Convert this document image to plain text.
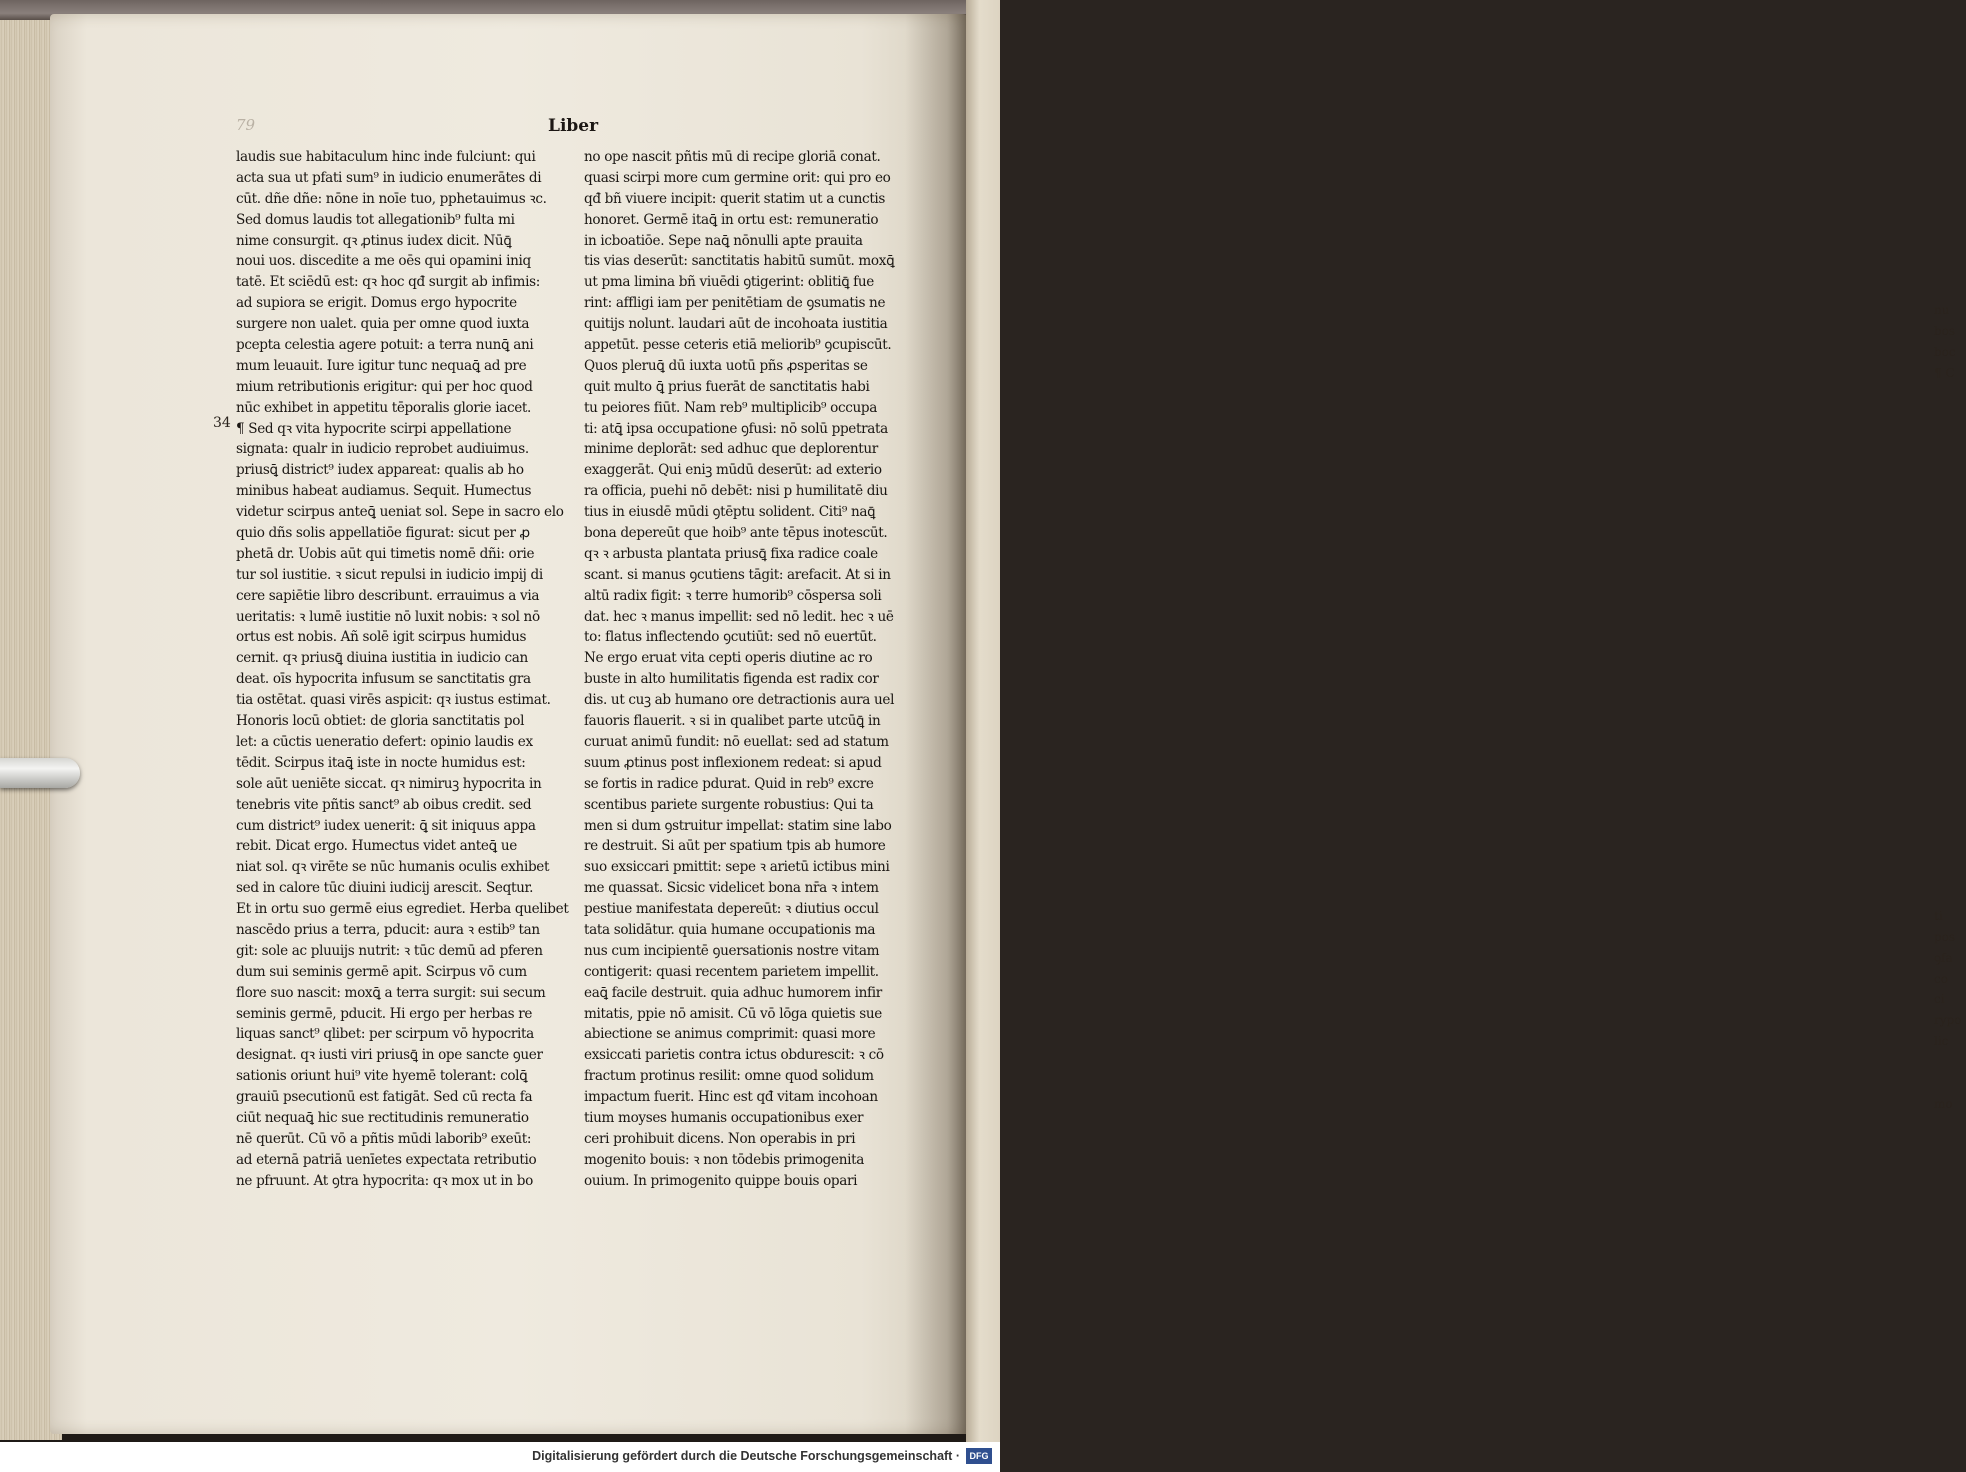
nu
bos
boc
¶ C
ti
pos
ꝯfa
co
ci
rypo
lic
mo
79	Liber
34
laudis sue habitaculum hinc inde fulciunt: qui
acta sua ut pfati sum⁹ in iudicio enumerātes di
cūt. dñe dñe: nōne in noīe tuo, pphetauimus ꝛc.
Sed domus laudis tot allegationib⁹ fulta mi
nime consurgit. qꝛ ꝓtinus iudex dicit. Nūꝗ̄
noui uos. discedite a me oēs qui opamini iniq
tatē. Et sciēdū est: qꝛ hoc qđ surgit ab infimis:
ad supiora se erigit. Domus ergo hypocrite
surgere non ualet. quia per omne quod iuxta
pcepta celestia agere potuit: a terra nunꝗ̄ ani
mum leuauit. Iure igitur tunc nequaꝗ̄ ad pre
mium retributionis erigitur: qui per hoc quod
nūc exhibet in appetitu tēporalis glorie iacet.
¶ Sed qꝛ vita hypocrite scirpi appellatione
signata: qualr in iudicio reprobet audiuimus.
priusꝗ̄ district⁹ iudex appareat: qualis ab ho
minibus habeat audiamus. Sequit. Humectus
videtur scirpus anteꝗ̄ ueniat sol. Sepe in sacro elo
quio dñs solis appellatiōe figurat: sicut per ꝓ
phetā dr. Uobis aūt qui timetis nomē dñi: orie
tur sol iustitie. ꝛ sicut repulsi in iudicio impij di
cere sapiētie libro describunt. errauimus a via
ueritatis: ꝛ lumē iustitie nō luxit nobis: ꝛ sol nō
ortus est nobis. Añ solē igit scirpus humidus
cernit. qꝛ priusꝗ̄ diuina iustitia in iudicio can
deat. oīs hypocrita infusum se sanctitatis gra
tia ostētat. quasi virēs aspicit: qꝛ iustus estimat.
Honoris locū obtiet: de gloria sanctitatis pol
let: a cūctis ueneratio defert: opinio laudis ex
tēdit. Scirpus itaꝗ̄ iste in nocte humidus est:
sole aūt ueniēte siccat. qꝛ nimiruꝫ hypocrita in
tenebris vite pñtis sanct⁹ ab oibus credit. sed
cum district⁹ iudex uenerit: ꝗ̄ sit iniquus appa
rebit. Dicat ergo. Humectus videt anteꝗ̄ ue
niat sol. qꝛ virēte se nūc humanis oculis exhibet
sed in calore tūc diuini iudicij arescit. Seqtur.
Et in ortu suo germē eius egrediet. Herba quelibet
nascēdo prius a terra, pducit: aura ꝛ estib⁹ tan
git: sole ac pluuijs nutrit: ꝛ tūc demū ad pferen
dum sui seminis germē apit. Scirpus vō cum
flore suo nascit: moxꝗ̄ a terra surgit: sui secum
seminis germē, pducit. Hi ergo per herbas re
liquas sanct⁹ qlibet: per scirpum vō hypocrita
designat. qꝛ iusti viri priusꝗ̄ in ope sancte ꝯuer
sationis oriunt hui⁹ vite hyemē tolerant: colꝗ̄
grauiū psecutionū est fatigāt. Sed cū recta fa
ciūt nequaꝗ̄ hic sue rectitudinis remuneratio
nē querūt. Cū vō a pñtis mūdi laborib⁹ exeūt:
ad eternā patriā uenīetes expectata retributio
ne pfruunt. At ꝯtra hypocrita: qꝛ mox ut in bo
no ope nascit pñtis mū di recipe gloriā conat.
quasi scirpi more cum germine orit: qui pro eo
qđ bñ viuere incipit: querit statim ut a cunctis
honoret. Germē itaꝗ̄ in ortu est: remuneratio
in icboatiōe. Sepe naꝗ̄ nōnulli apte prauita
tis vias deserūt: sanctitatis habitū sumūt. moxꝗ̄
ut pma limina bñ viuēdi ꝯtigerint: oblitiꝗ̄ fue
rint: affligi iam per penitētiam de ꝯsumatis ne
quitijs nolunt. laudari aūt de incohoata iustitia
appetūt. pesse ceteris etiā meliorib⁹ ꝯcupiscūt.
Quos pleruꝗ̄ dū iuxta uotū pñs ꝓsperitas se
quit multo ꝗ̄ prius fuerāt de sanctitatis habi
tu peiores fiūt. Nam reb⁹ multiplicib⁹ occupa
ti: atꝗ̄ ipsa occupatione ꝯfusi: nō solū ppetrata
minime deplorāt: sed adhuc que deplorentur
exaggerāt. Qui eniꝫ mūdū deserūt: ad exterio
ra officia, puehi nō debēt: nisi p humilitatē diu
tius in eiusdē mūdi ꝯtēptu solident. Citi⁹ naꝗ̄
bona depereūt que hoib⁹ ante tēpus inotescūt.
qꝛ ꝛ arbusta plantata priusꝗ̄ fixa radice coale
scant. si manus ꝯcutiens tāgit: arefacit. At si in
altū radix figit: ꝛ terre humorib⁹ cōspersa soli
dat. hec ꝛ manus impellit: sed nō ledit. hec ꝛ uē
to: flatus inflectendo ꝯcutiūt: sed nō euertūt.
Ne ergo eruat vita cepti operis diutine ac ro
buste in alto humilitatis figenda est radix cor
dis. ut cuꝫ ab humano ore detractionis aura uel
fauoris flauerit. ꝛ si in qualibet parte utcūꝗ̄ in
curuat animū fundit: nō euellat: sed ad statum
suum ꝓtinus post inflexionem redeat: si apud
se fortis in radice pdurat. Quid in reb⁹ excre
scentibus pariete surgente robustius: Qui ta
men si dum ꝯstruitur impellat: statim sine labo
re destruit. Si aūt per spatium tpis ab humore
suo exsiccari pmittit: sepe ꝛ arietū ictibus mini
me quassat. Sicsic videlicet bona nr̄a ꝛ intem
pestiue manifestata depereūt: ꝛ diutius occul
tata solidātur. quia humane occupationis ma
nus cum incipientē ꝯuersationis nostre vitam
contigerit: quasi recentem parietem impellit.
eaꝗ̄ facile destruit. quia adhuc humorem infir
mitatis, ppie nō amisit. Cū vō lōga quietis sue
abiectione se animus comprimit: quasi more
exsiccati parietis contra ictus obdurescit: ꝛ cō
fractum protinus resilit: omne quod solidum
impactum fuerit. Hinc est qđ vitam incohoan
tium moyses humanis occupationibus exer
ceri prohibuit dicens. Non operabis in pri
mogenito bouis: ꝛ non tōdebis primogenita
ouium. In primogenito quippe bouis opari
Digitalisierung gefördert durch die Deutsche Forschungsgemeinschaft ·	DFG
